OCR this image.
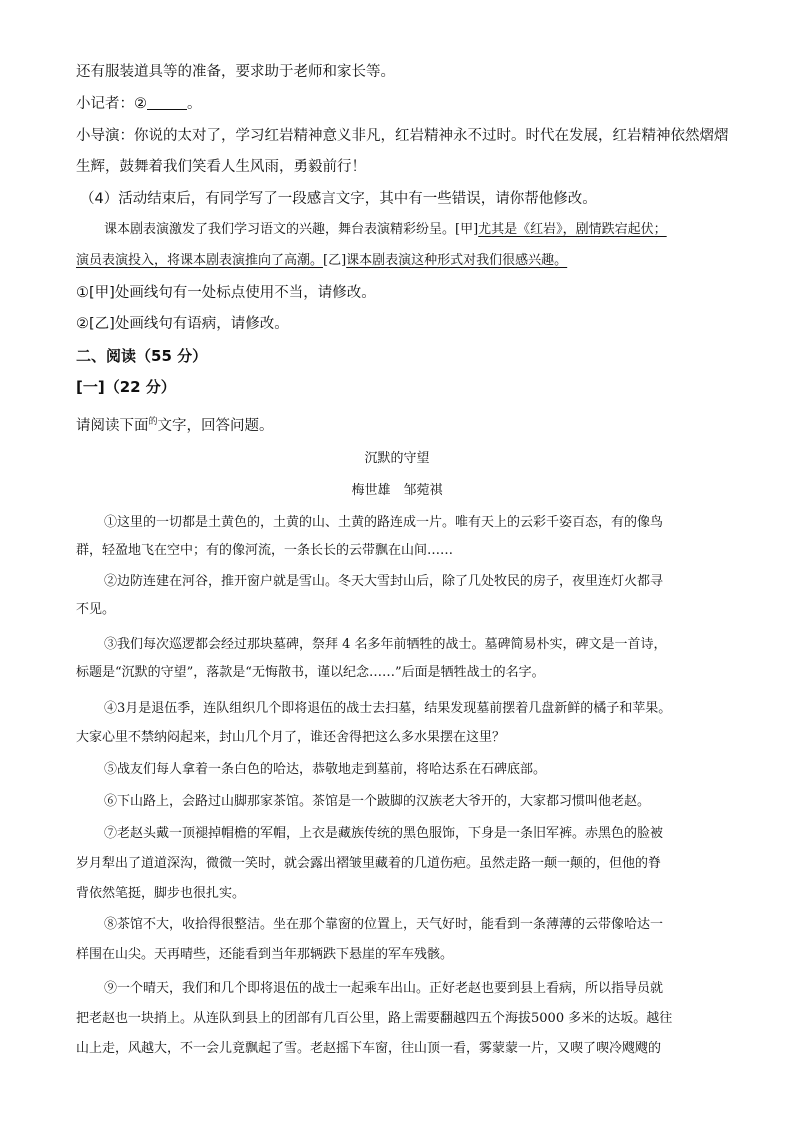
还有服装道具等的准备，要求助于老师和家长等。
小记者：②	。
小导演：你说的太对了，学习红岩精神意义非凡，红岩精神永不过时。时代在发展，红岩精神依然熠熠
生辉，鼓舞着我们笑看人生风雨，勇毅前行！
（4）活动结束后，有同学写了一段感言文字，其中有一些错误，请你帮他修改。
课本剧表演激发了我们学习语文的兴趣，舞台表演精彩纷呈。[甲]尤其是《红岩》，剧情跌宕起伏；
演员表演投入，将课本剧表演推向了高潮。[乙]课本剧表演这种形式对我们很感兴趣。
①[甲]处画线句有一处标点使用不当，请修改。
②[乙]处画线句有语病，请修改。
二、阅读（55 分）
[一]（22 分）
请阅读下面$^的$文字，回答问题。
沉默的守望
梅世雄　邹菀祺
①这里的一切都是土黄色的，土黄的山、土黄的路连成一片。唯有天上的云彩千姿百态，有的像鸟
群，轻盈地飞在空中；有的像河流，一条长长的云带飘在山间……
②边防连建在河谷，推开窗户就是雪山。冬天大雪封山后，除了几处牧民的房子，夜里连灯火都寻
不见。
③我们每次巡逻都会经过那块墓碑，祭拜 4 名多年前牺牲的战士。墓碑简易朴实，碑文是一首诗，
标题是“沉默的守望”，落款是“无悔散书，谨以纪念……”后面是牺牲战士的名字。
④3月是退伍季，连队组织几个即将退伍的战士去扫墓，结果发现墓前摆着几盘新鲜的橘子和苹果。
大家心里不禁纳闷起来，封山几个月了，谁还舍得把这么多水果摆在这里？
⑤战友们每人拿着一条白色的哈达，恭敬地走到墓前，将哈达系在石碑底部。
⑥下山路上，会路过山脚那家茶馆。茶馆是一个跛脚的汉族老大爷开的，大家都习惯叫他老赵。
⑦老赵头戴一顶褪掉帽檐的军帽，上衣是藏族传统的黑色服饰，下身是一条旧军裤。赤黑色的脸被
岁月犁出了道道深沟，微微一笑时，就会露出褶皱里藏着的几道伤疤。虽然走路一颠一颠的，但他的脊
背依然笔挺，脚步也很扎实。
⑧茶馆不大，收拾得很整洁。坐在那个靠窗的位置上，天气好时，能看到一条薄薄的云带像哈达一
样围在山尖。天再晴些，还能看到当年那辆跌下悬崖的军车残骸。
⑨一个晴天，我们和几个即将退伍的战士一起乘车出山。正好老赵也要到县上看病，所以指导员就
把老赵也一块捎上。从连队到县上的团部有几百公里，路上需要翻越四五个海拔5000 多米的达坂。越往
山上走，风越大，不一会儿竟飘起了雪。老赵摇下车窗，往山顶一看，雾蒙蒙一片，又喫了喫冷飕飕的
